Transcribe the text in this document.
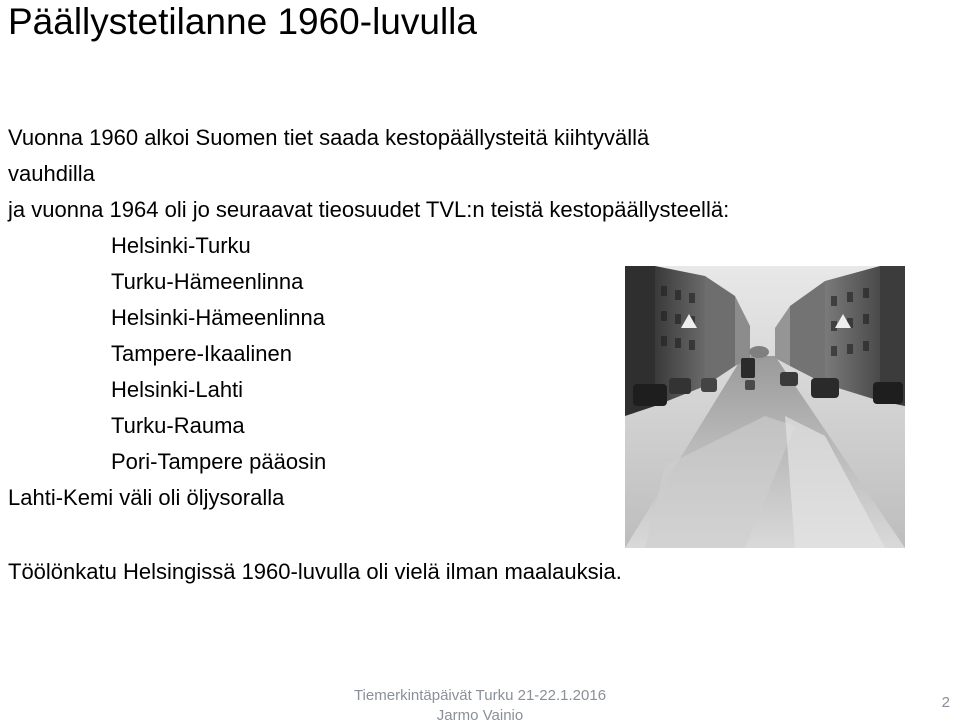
Päällystetilanne 1960-luvulla
Vuonna 1960 alkoi Suomen tiet saada kestopäällysteitä kiihtyvällä
vauhdilla
ja vuonna 1964 oli jo seuraavat tieosuudet TVL:n teistä kestopäällysteellä:
Helsinki-Turku
Turku-Hämeenlinna
Helsinki-Hämeenlinna
Tampere-Ikaalinen
Helsinki-Lahti
Turku-Rauma
Pori-Tampere pääosin
Lahti-Kemi väli oli öljysoralla
Töölönkatu Helsingissä 1960-luvulla oli vielä ilman maalauksia.
Tiemerkintäpäivät Turku 21-22.1.2016
Jarmo Vainio
2
